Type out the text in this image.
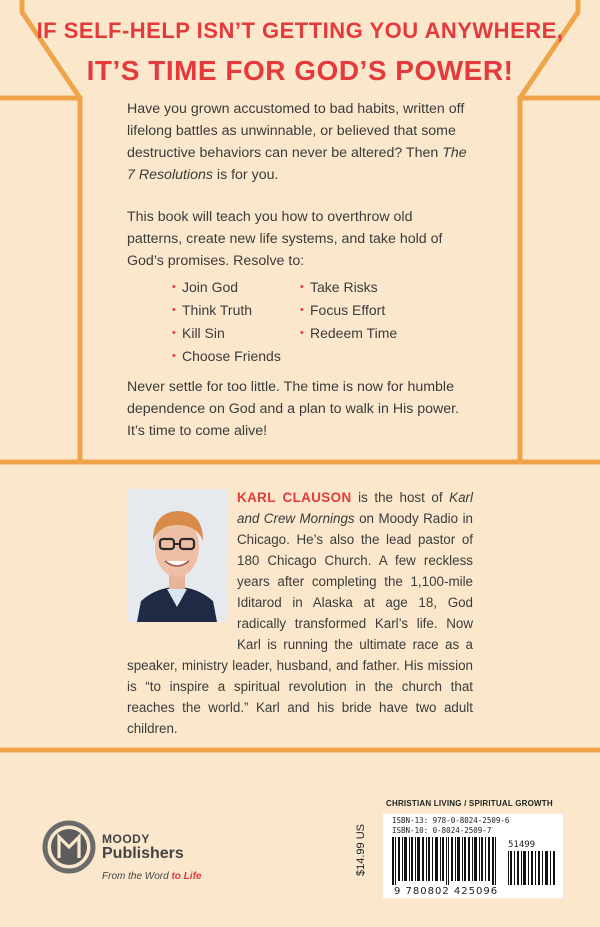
IF SELF-HELP ISN’T GETTING YOU ANYWHERE,
IT’S TIME FOR GOD’S POWER!
Have you grown accustomed to bad habits, written off lifelong battles as unwinnable, or believed that some destructive behaviors can never be altered? Then The 7 Resolutions is for you.
This book will teach you how to overthrow old patterns, create new life systems, and take hold of God’s promises. Resolve to:
• Join God
• Think Truth
• Kill Sin
• Choose Friends
• Take Risks
• Focus Effort
• Redeem Time
Never settle for too little. The time is now for humble dependence on God and a plan to walk in His power. It’s time to come alive!
KARL CLAUSON is the host of Karl and Crew Mornings on Moody Radio in Chicago. He’s also the lead pastor of 180 Chicago Church. A few reckless years after completing the 1,100-mile Iditarod in Alaska at age 18, God radically transformed Karl’s life. Now Karl is running the ultimate race as a speaker, ministry leader, husband, and father. His mission is “to inspire a spiritual revolution in the church that reaches the world.” Karl and his bride have two adult children.
CHRISTIAN LIVING / SPIRITUAL GROWTH
MOODY
Publishers
From the Word to Life
$14.99 US
ISBN-13: 978-0-8024-2509-6
ISBN-10: 0-8024-2509-7
51499
9 780802 425096
